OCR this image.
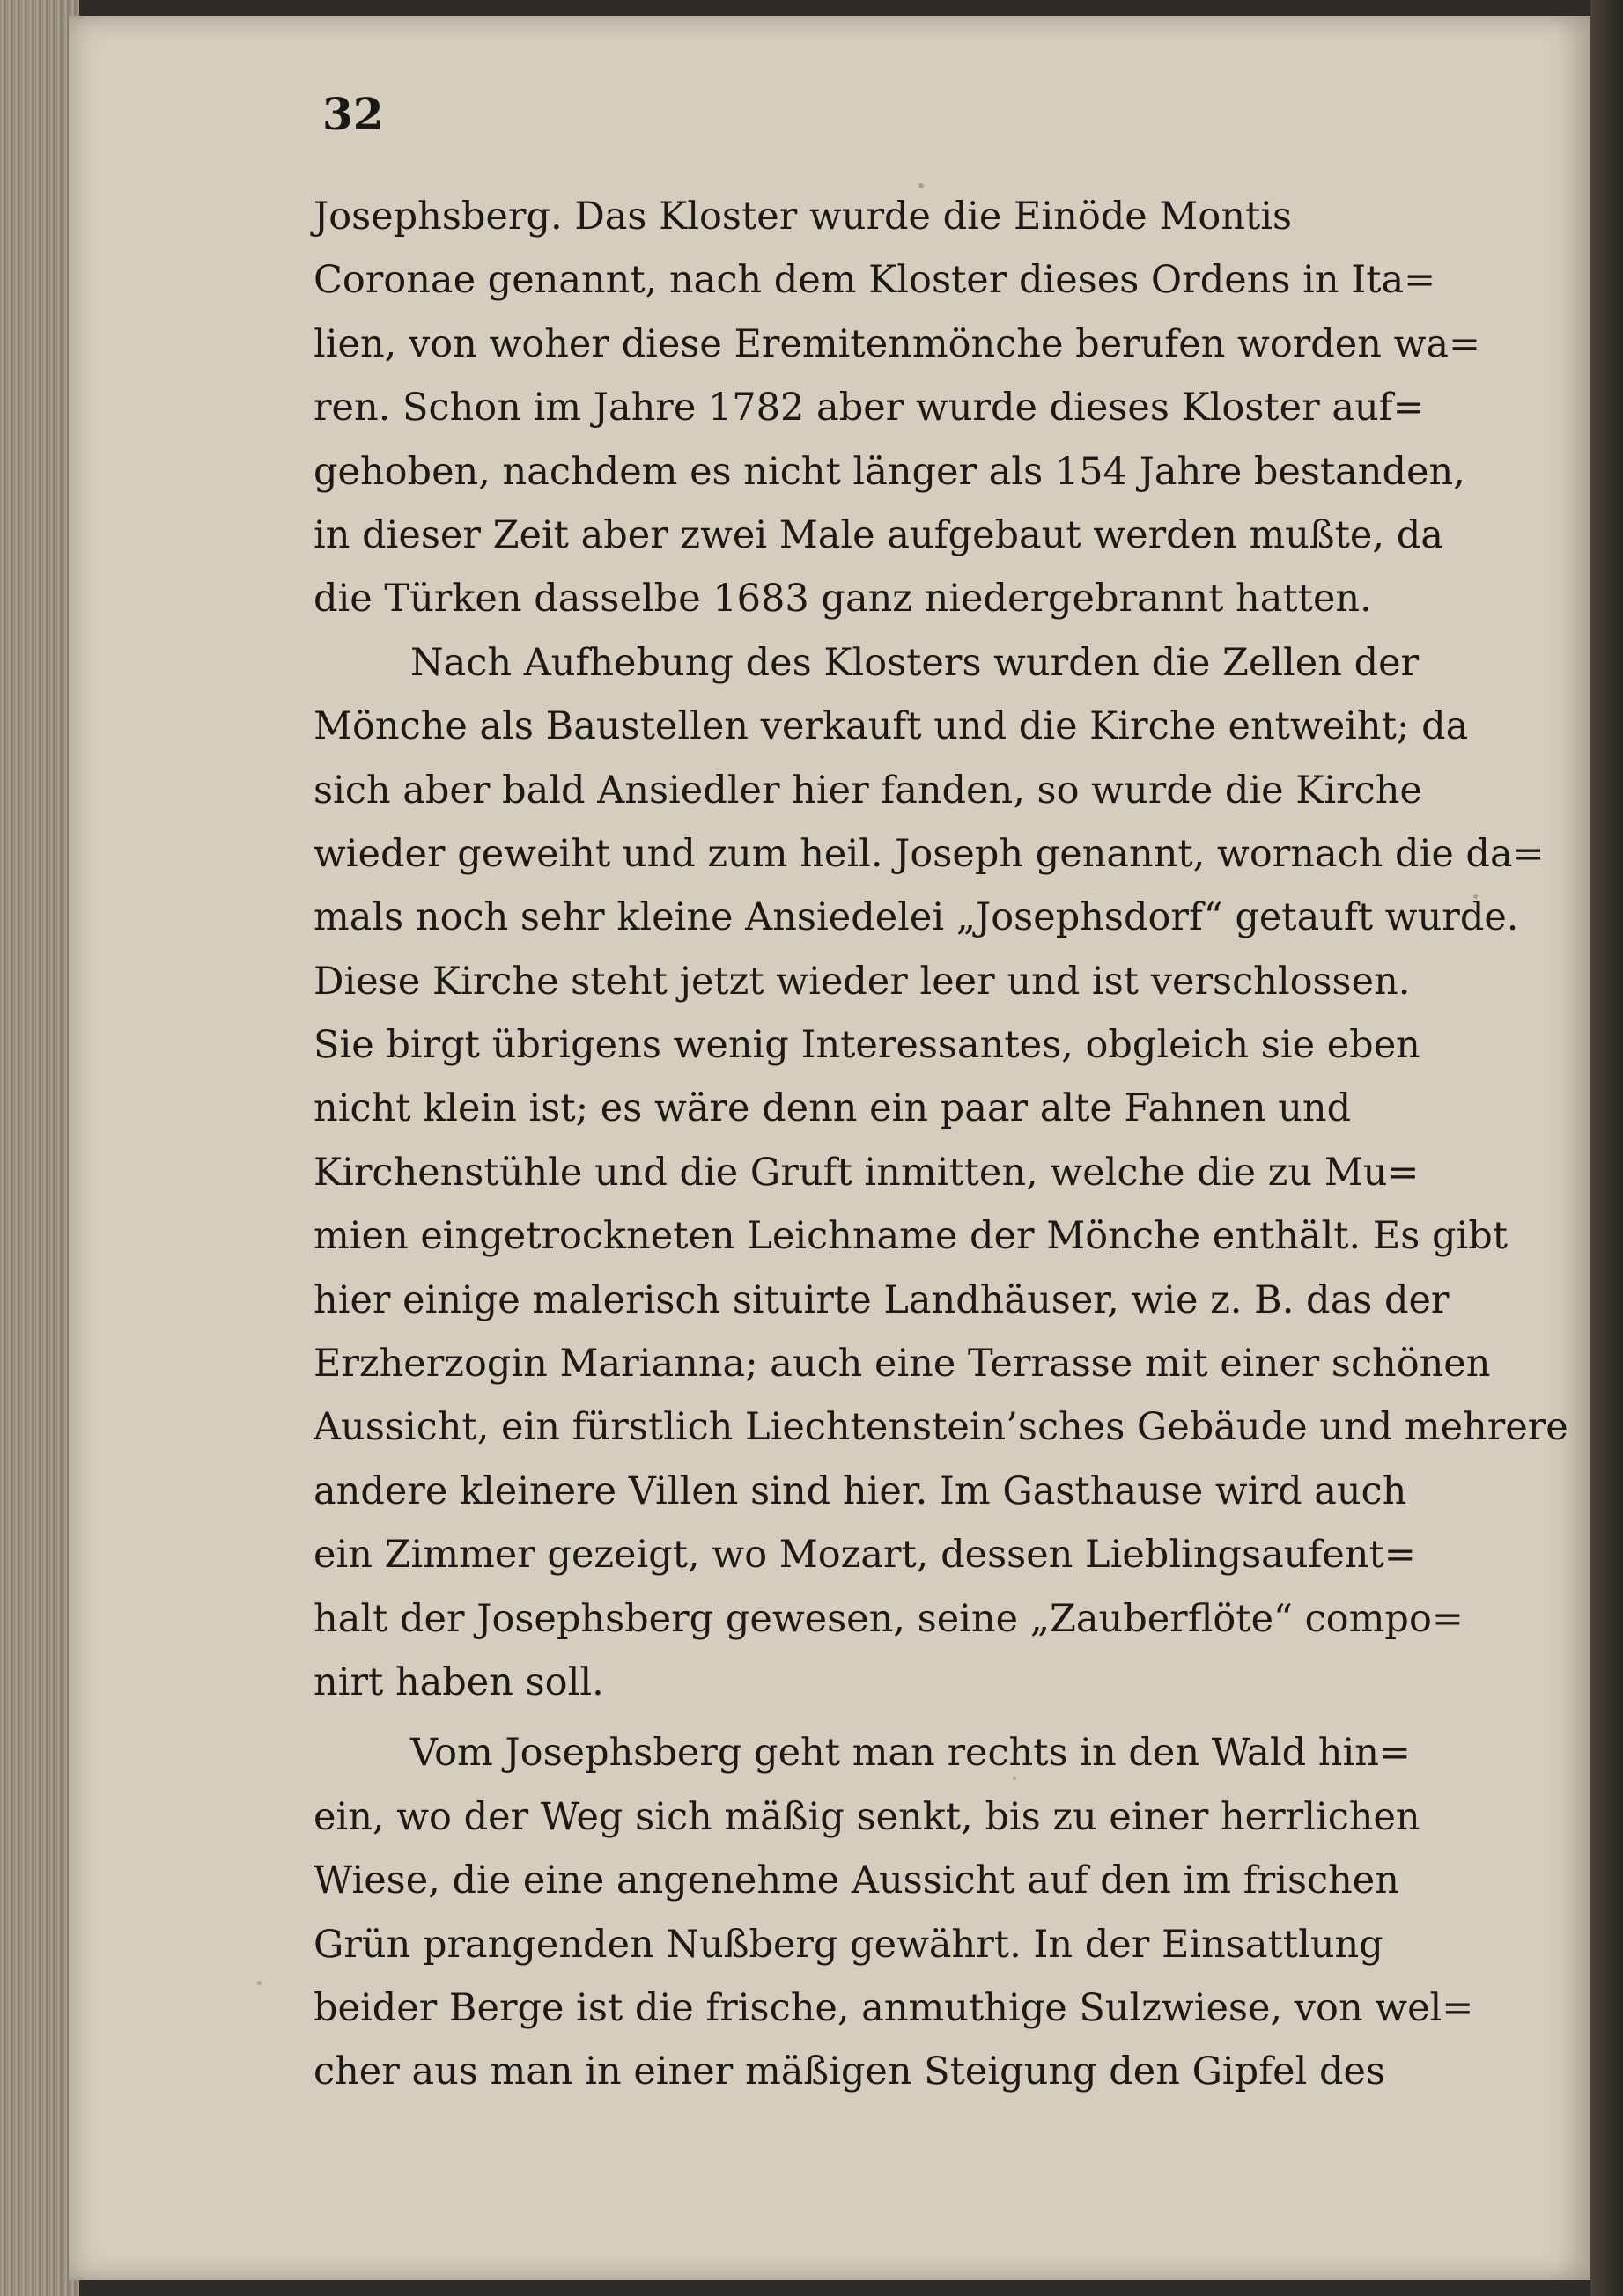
32
Josephsberg. Das Kloster wurde die Einöde Montis
Coronae genannt, nach dem Kloster dieses Ordens in Ita=
lien, von woher diese Eremitenmönche berufen worden wa=
ren. Schon im Jahre 1782 aber wurde dieses Kloster auf=
gehoben, nachdem es nicht länger als 154 Jahre bestanden,
in dieser Zeit aber zwei Male aufgebaut werden mußte, da
die Türken dasselbe 1683 ganz niedergebrannt hatten.
Nach Aufhebung des Klosters wurden die Zellen der
Mönche als Baustellen verkauft und die Kirche entweiht; da
sich aber bald Ansiedler hier fanden, so wurde die Kirche
wieder geweiht und zum heil. Joseph genannt, wornach die da=
mals noch sehr kleine Ansiedelei „Josephsdorf“ getauft wurde.
Diese Kirche steht jetzt wieder leer und ist verschlossen.
Sie birgt übrigens wenig Interessantes, obgleich sie eben
nicht klein ist; es wäre denn ein paar alte Fahnen und
Kirchenstühle und die Gruft inmitten, welche die zu Mu=
mien eingetrockneten Leichname der Mönche enthält. Es gibt
hier einige malerisch situirte Landhäuser, wie z. B. das der
Erzherzogin Marianna; auch eine Terrasse mit einer schönen
Aussicht, ein fürstlich Liechtenstein’sches Gebäude und mehrere
andere kleinere Villen sind hier. Im Gasthause wird auch
ein Zimmer gezeigt, wo Mozart, dessen Lieblingsaufent=
halt der Josephsberg gewesen, seine „Zauberflöte“ compo=
nirt haben soll.
Vom Josephsberg geht man rechts in den Wald hin=
ein, wo der Weg sich mäßig senkt, bis zu einer herrlichen
Wiese, die eine angenehme Aussicht auf den im frischen
Grün prangenden Nußberg gewährt. In der Einsattlung
beider Berge ist die frische, anmuthige Sulzwiese, von wel=
cher aus man in einer mäßigen Steigung den Gipfel des
